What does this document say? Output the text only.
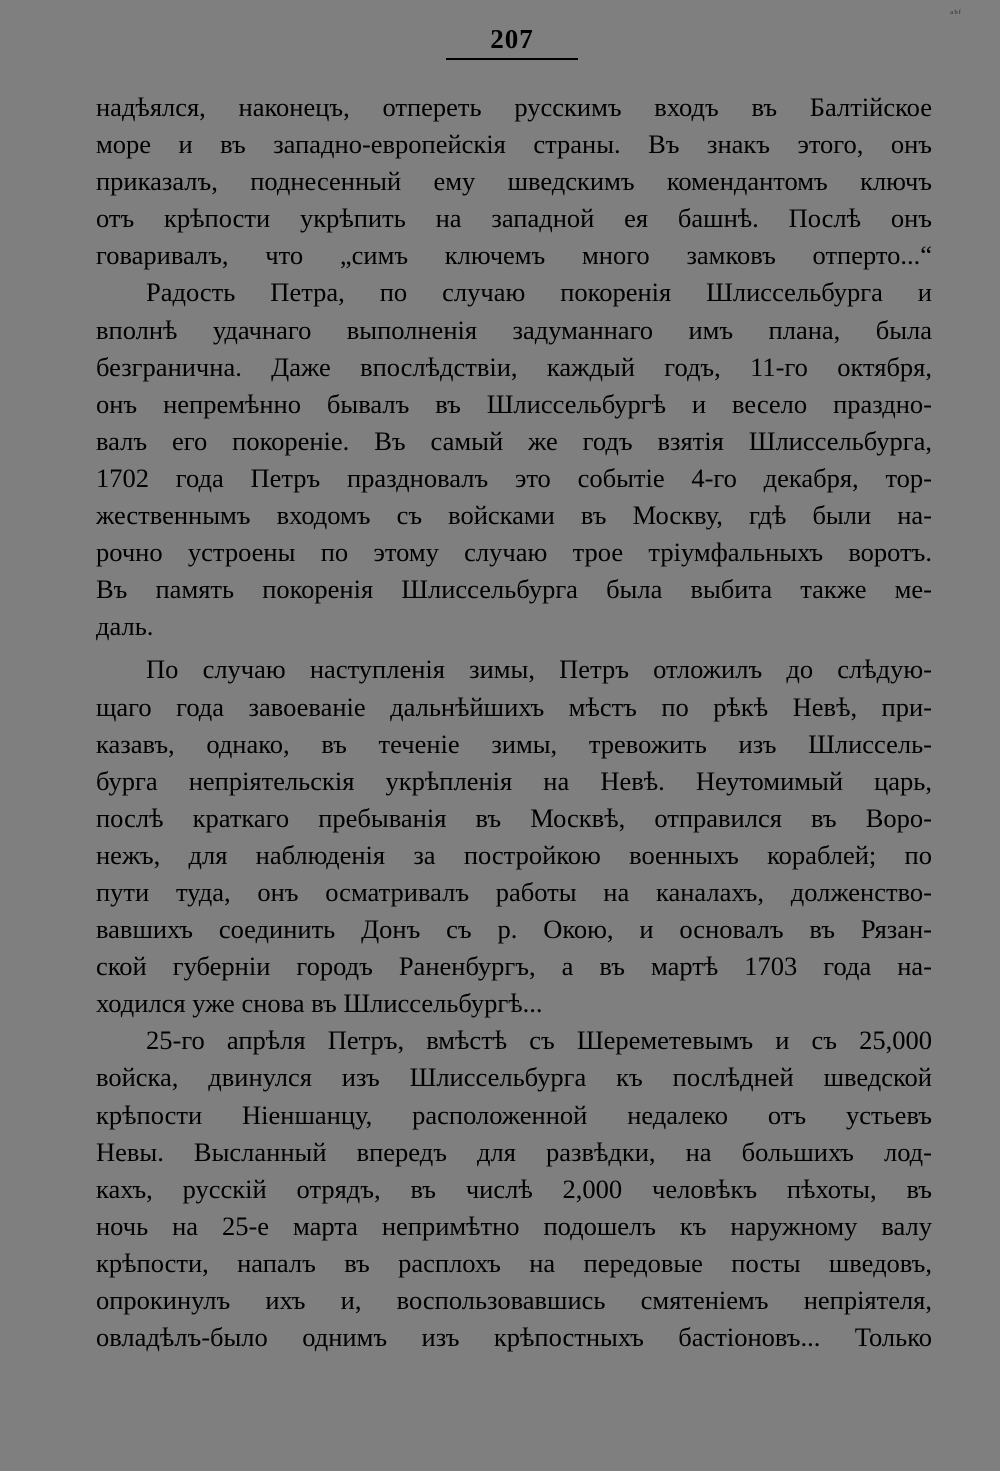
ᵃᵇᶠ
207
надѣялся, наконецъ, отпереть русскимъ входъ въ Балтійское
море и въ западно-европейскія страны. Въ знакъ этого, онъ
приказалъ, поднесенный ему шведскимъ комендантомъ ключъ
отъ крѣпости укрѣпить на западной ея башнѣ. Послѣ онъ
говаривалъ, что „симъ ключемъ много замковъ отперто...“
Радость Петра, по случаю покоренія Шлиссельбурга и
вполнѣ удачнаго выполненія задуманнаго имъ плана, была
безгранична. Даже впослѣдствіи, каждый годъ, 11-го октября,
онъ непремѣнно бывалъ въ Шлиссельбургѣ и весело праздно-
валъ его покореніе. Въ самый же годъ взятія Шлиссельбурга,
1702 года Петръ праздновалъ это событіе 4-го декабря, тор-
жественнымъ входомъ съ войсками въ Москву, гдѣ были на-
рочно устроены по этому случаю трое тріумфальныхъ воротъ.
Въ память покоренія Шлиссельбурга была выбита также ме-
даль.
По случаю наступленія зимы, Петръ отложилъ до слѣдую-
щаго года завоеваніе дальнѣйшихъ мѣстъ по рѣкѣ Невѣ, при-
казавъ, однако, въ теченіе зимы, тревожить изъ Шлиссель-
бурга непріятельскія укрѣпленія на Невѣ. Неутомимый царь,
послѣ краткаго пребыванія въ Москвѣ, отправился въ Воро-
нежъ, для наблюденія за постройкою военныхъ кораблей; по
пути туда, онъ осматривалъ работы на каналахъ, долженство-
вавшихъ соединить Донъ съ р. Окою, и основалъ въ Рязан-
ской губерніи городъ Раненбургъ, а въ мартѣ 1703 года на-
ходился уже снова въ Шлиссельбургѣ...
25-го апрѣля Петръ, вмѣстѣ съ Шереметевымъ и съ 25,000
войска, двинулся изъ Шлиссельбурга къ послѣдней шведской
крѣпости Ніеншанцу, расположенной недалеко отъ устьевъ
Невы. Высланный впередъ для развѣдки, на большихъ лод-
кахъ, русскій отрядъ, въ числѣ 2,000 человѣкъ пѣхоты, въ
ночь на 25-е марта непримѣтно подошелъ къ наружному валу
крѣпости, напалъ въ расплохъ на передовые посты шведовъ,
опрокинулъ ихъ и, воспользовавшись смятеніемъ непріятеля,
овладѣлъ-было однимъ изъ крѣпостныхъ бастіоновъ... Только
